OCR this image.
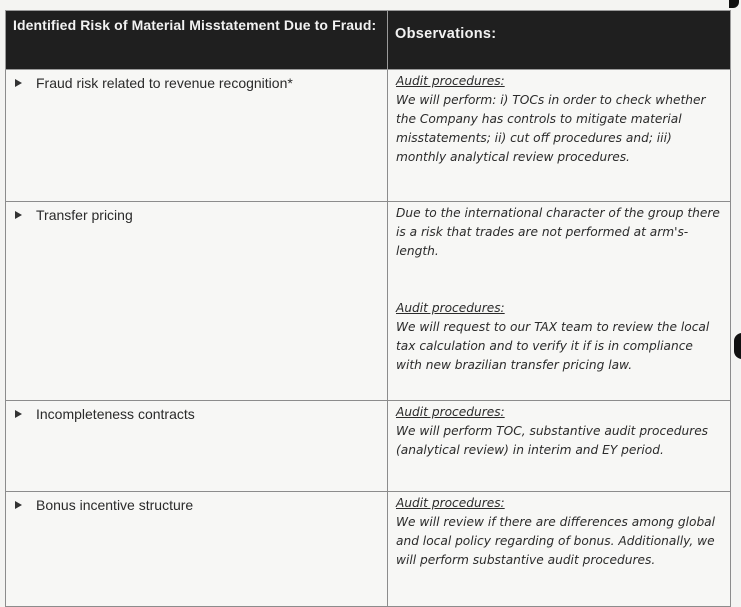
Identified Risk of Material Misstatement Due to Fraud:	Observations:
Fraud risk related to revenue recognition*	Audit procedures:
We will perform: i) TOCs in order to check whether the Company has controls to mitigate material misstatements; ii) cut off procedures and; iii) monthly analytical review procedures.

Transfer pricing	Due to the international character of the group there is a risk that trades are not performed at arm's-length.
Audit procedures:
We will request to our TAX team to review the local tax calculation and to verify it if is in compliance with new brazilian transfer pricing law.

Incompleteness contracts	Audit procedures:
We will perform TOC, substantive audit procedures (analytical review) in interim and EY period.

Bonus incentive structure	Audit procedures:
We will review if there are differences among global and local policy regarding of bonus. Additionally, we will perform substantive audit procedures.
